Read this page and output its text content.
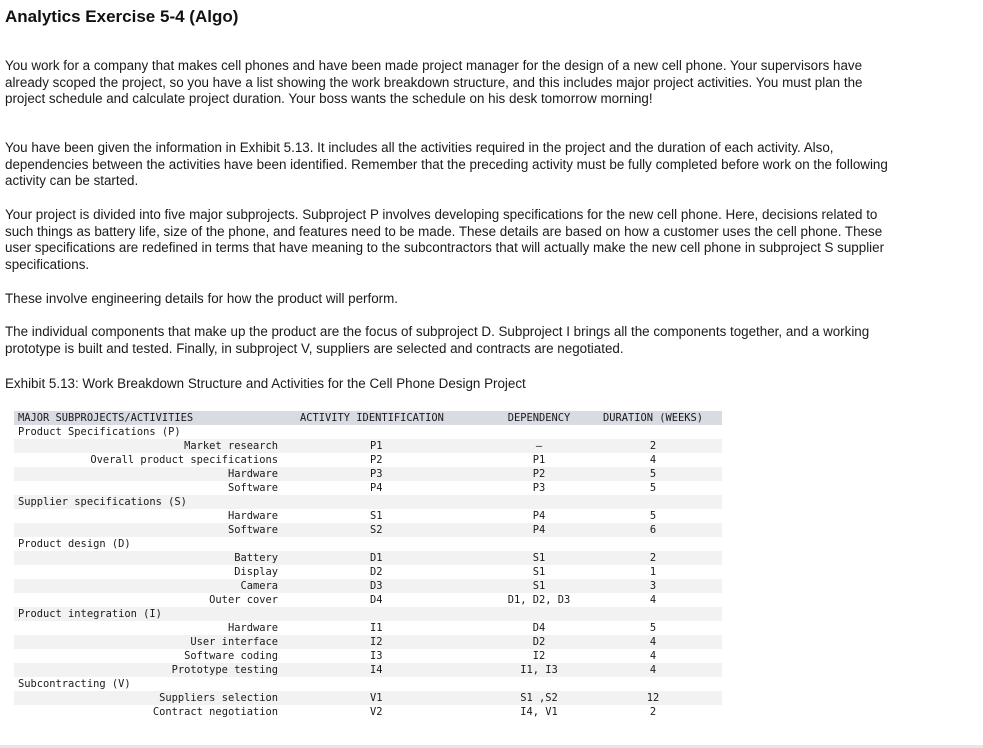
Analytics Exercise 5-4 (Algo)

You work for a company that makes cell phones and have been made project manager for the design of a new cell phone. Your supervisors have already scoped the project, so you have a list showing the work breakdown structure, and this includes major project activities. You must plan the project schedule and calculate project duration. Your boss wants the schedule on his desk tomorrow morning!

You have been given the information in Exhibit 5.13. It includes all the activities required in the project and the duration of each activity. Also, dependencies between the activities have been identified. Remember that the preceding activity must be fully completed before work on the following activity can be started.

Your project is divided into five major subprojects. Subproject P involves developing specifications for the new cell phone. Here, decisions related to such things as battery life, size of the phone, and features need to be made. These details are based on how a customer uses the cell phone. These user specifications are redefined in terms that have meaning to the subcontractors that will actually make the new cell phone in subproject S supplier specifications.

These involve engineering details for how the product will perform.

The individual components that make up the product are the focus of subproject D. Subproject I brings all the components together, and a working prototype is built and tested. Finally, in subproject V, suppliers are selected and contracts are negotiated.

Exhibit 5.13: Work Breakdown Structure and Activities for the Cell Phone Design Project

MAJOR SUBPROJECTS/ACTIVITIES	ACTIVITY IDENTIFICATION	DEPENDENCY	DURATION (WEEKS)
Product Specifications (P)
Market research	P1	–	2
Overall product specifications	P2	P1	4
Hardware	P3	P2	5
Software	P4	P3	5
Supplier specifications (S)
Hardware	S1	P4	5
Software	S2	P4	6
Product design (D)
Battery	D1	S1	2
Display	D2	S1	1
Camera	D3	S1	3
Outer cover	D4	D1, D2, D3	4
Product integration (I)
Hardware	I1	D4	5
User interface	I2	D2	4
Software coding	I3	I2	4
Prototype testing	I4	I1, I3	4
Subcontracting (V)
Suppliers selection	V1	S1 ,S2	12
Contract negotiation	V2	I4, V1	2
